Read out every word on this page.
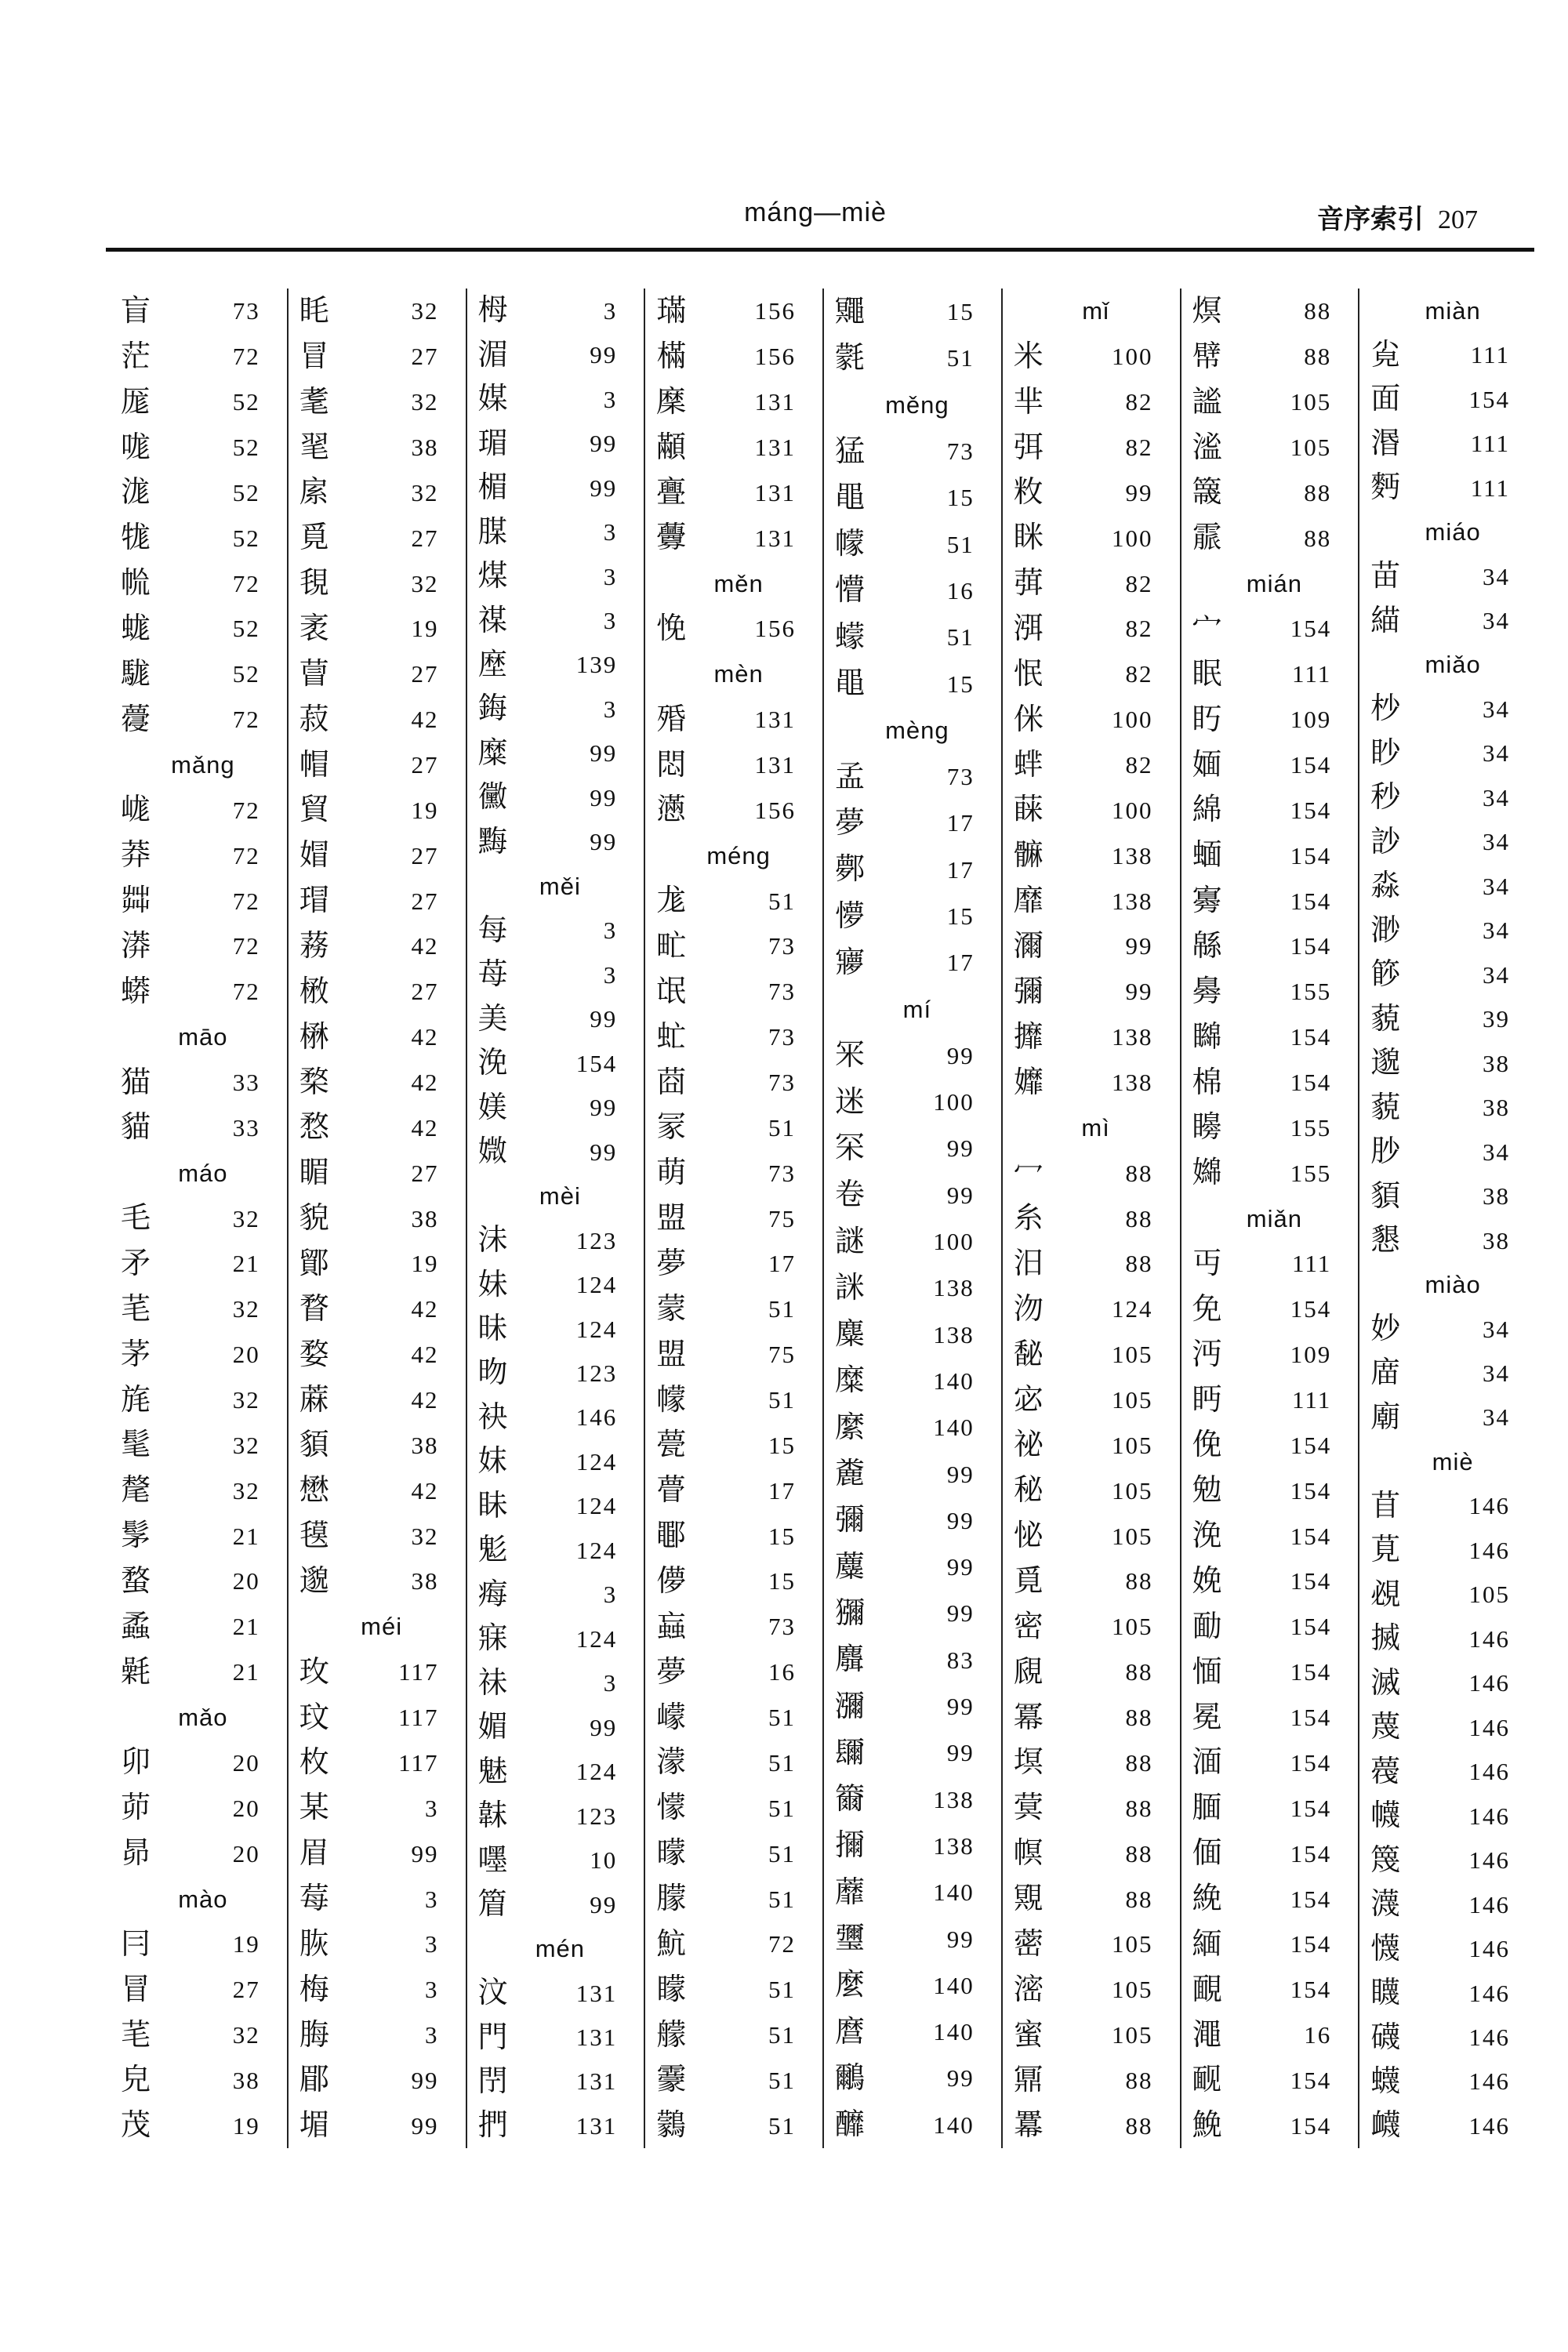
máng—miè	音序索引 207
盲	73
茫	72
厖	52
哤	52
浝	52
牻	52
㡃	72
蛖	52
駹	52
蘉	72
mǎng
㟌	72
莽	72
茻	72
漭	72
蟒	72
māo
猫	33
貓	33
máo
毛	32
矛	21
芼	32
茅	20
旄	32
髦	32
氂	32
髳	21
蝥	20
蟊	21
氉	21
mǎo
卯	20
茆	20
昴	20
mào
冃	19
冒	27
芼	32
皃	38
茂	19
眊	32
冒	27
耄	32
毣	38
䋀	32
覓	27
覒	32
袤	19
萺	27
菽	42
帽	27
貿	19
媢	27
瑁	27
蓩	42
㮘	27
楙	42
楘	42
愗	42
睸	27
貌	38
鄮	19
瞀	42
婺	42
蔴	42
䫉	38
懋	42
氁	32
邈	38
méi
玫	117
玟	117
枚	117
某	3
眉	99
莓	3
脄	3
梅	3
脢	3
郿	99
堳	99
栂	3
湄	99
媒	3
瑂	99
楣	99
腜	3
煤	3
禖	3
塺	139
鋂	3
糜	99
黴	99
黣	99
měi
每	3
苺	3
美	99
浼	154
媄	99
媺	99
mèi
沬	123
妹	124
昧	124
昒	123
袂	146
妺	124
眛	124
鬽	124
痗	3
寐	124
祙	3
媚	99
魅	124
韎	123
嚜	10
篃	99
mén
汶	131
門	131
閅	131
捫	131
璊	156
樠	156
穈	131
顢	131
亹	131
虋	131
měn
悗	156
mèn
殙	131
悶	131
懣	156
méng
尨	51
甿	73
氓	73
虻	73
莔	73
冡	51
萌	73
盟	75
夢	17
蒙	51
盟	75
幪	51
甍	15
瞢	17
鄳	15
儚	15
蝱	73
夢	16
㠓	51
濛	51
懞	51
曚	51
朦	51
魧	72
矇	51
艨	51
靀	51
鸏	51
鼆	15
氋	51
měng
猛	73
黽	15
幪	51
懵	16
蠓	51
黽	15
mèng
孟	73
夢	17
鄸	17
懜	15
㝱	17
mí
冞	99
迷	100
罙	99
卷	99
謎	100
詸	138
麋	138
糜	140
縻	140
麊	99
彌	99
蘪	99
獼	99
麛	83
瀰	99
镾	99
籋	138
擟	138
蘼	140
瓕	99
麼	140
麿	140
鸍	99
釄	140
mǐ
米	100
芈	82
弭	82
敉	99
眯	100
葞	82
渳	82
怋	82
侎	100
蝆	82
蔝	100
髍	138
靡	138
濔	99
彌	99
攠	138
孊	138
mì
冖	88
糸	88
汨	88
沕	124
馝	105
宓	105
祕	105
秘	105
怭	105
覓	88
密	105
覛	88
冪	88
塓	88
蓂	88
幎	88
覭	88
蔤	105
滵	105
蜜	105
鼏	88
羃	88
熐	88
幦	88
謐	105
㴵	105
簚	88
霢	88
mián
宀	154
眠	111
䀎	109
媔	154
綿	154
蝒	154
㝰	154
緜	154
臱	155
矊	154
棉	154
矈	155
嬵	155
miǎn
丏	111
免	154
沔	109
眄	111
俛	154
勉	154
浼	154
娩	154
勔	154
愐	154
冕	154
湎	154
腼	154
偭	154
絻	154
緬	154
靦	154
澠	16
䩄	154
鮸	154
miàn
㝸	111
面	154
湣	111
麪	111
miáo
苗	34
緢	34
miǎo
杪	34
眇	34
秒	34
訬	34
淼	34
渺	34
篎	34
藐	39
邈	38
藐	38
䏚	34
䫉	38
懇	38
miào
妙	34
庿	34
廟	34
miè
苜	146
莧	146
覕	105
搣	146
滅	146
蔑	146
薎	146
幭	146
篾	146
瀎	146
懱	146
䁾	146
礣	146
蠛	146
衊	146
